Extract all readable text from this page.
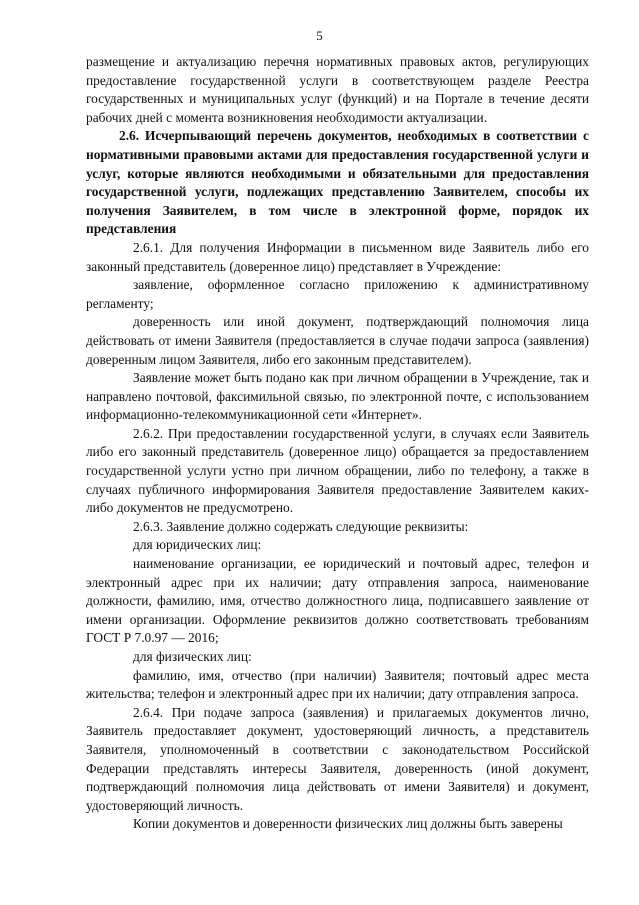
5

размещение и актуализацию перечня нормативных правовых актов, регулирующих предоставление государственной услуги в соответствующем разделе Реестра государственных и муниципальных услуг (функций) и на Портале в течение десяти рабочих дней с момента возникновения необходимости актуализации.

2.6. Исчерпывающий перечень документов, необходимых в соответствии с нормативными правовыми актами для предоставления государственной услуги и услуг, которые являются необходимыми и обязательными для предоставления государственной услуги, подлежащих представлению Заявителем, способы их получения Заявителем, в том числе в электронной форме, порядок их представления

2.6.1. Для получения Информации в письменном виде Заявитель либо его законный представитель (доверенное лицо) представляет в Учреждение:

заявление, оформленное согласно приложению к административному регламенту;

доверенность или иной документ, подтверждающий полномочия лица действовать от имени Заявителя (предоставляется в случае подачи запроса (заявления) доверенным лицом Заявителя, либо его законным представителем).

Заявление может быть подано как при личном обращении в Учреждение, так и направлено почтовой, факсимильной связью, по электронной почте, с использованием информационно-телекоммуникационной сети «Интернет».

2.6.2. При предоставлении государственной услуги, в случаях если Заявитель либо его законный представитель (доверенное лицо) обращается за предоставлением государственной услуги устно при личном обращении, либо по телефону, а также в случаях публичного информирования Заявителя предоставление Заявителем каких-либо документов не предусмотрено.

2.6.3. Заявление должно содержать следующие реквизиты:

для юридических лиц:

наименование организации, ее юридический и почтовый адрес, телефон и электронный адрес при их наличии; дату отправления запроса, наименование должности, фамилию, имя, отчество должностного лица, подписавшего заявление от имени организации. Оформление реквизитов должно соответствовать требованиям ГОСТ Р 7.0.97 — 2016;

для физических лиц:

фамилию, имя, отчество (при наличии) Заявителя; почтовый адрес места жительства; телефон и электронный адрес при их наличии; дату отправления запроса.

2.6.4. При подаче запроса (заявления) и прилагаемых документов лично, Заявитель предоставляет документ, удостоверяющий личность, а представитель Заявителя, уполномоченный в соответствии с законодательством Российской Федерации представлять интересы Заявителя, доверенность (иной документ, подтверждающий полномочия лица действовать от имени Заявителя) и документ, удостоверяющий личность.

Копии документов и доверенности физических лиц должны быть заверены
